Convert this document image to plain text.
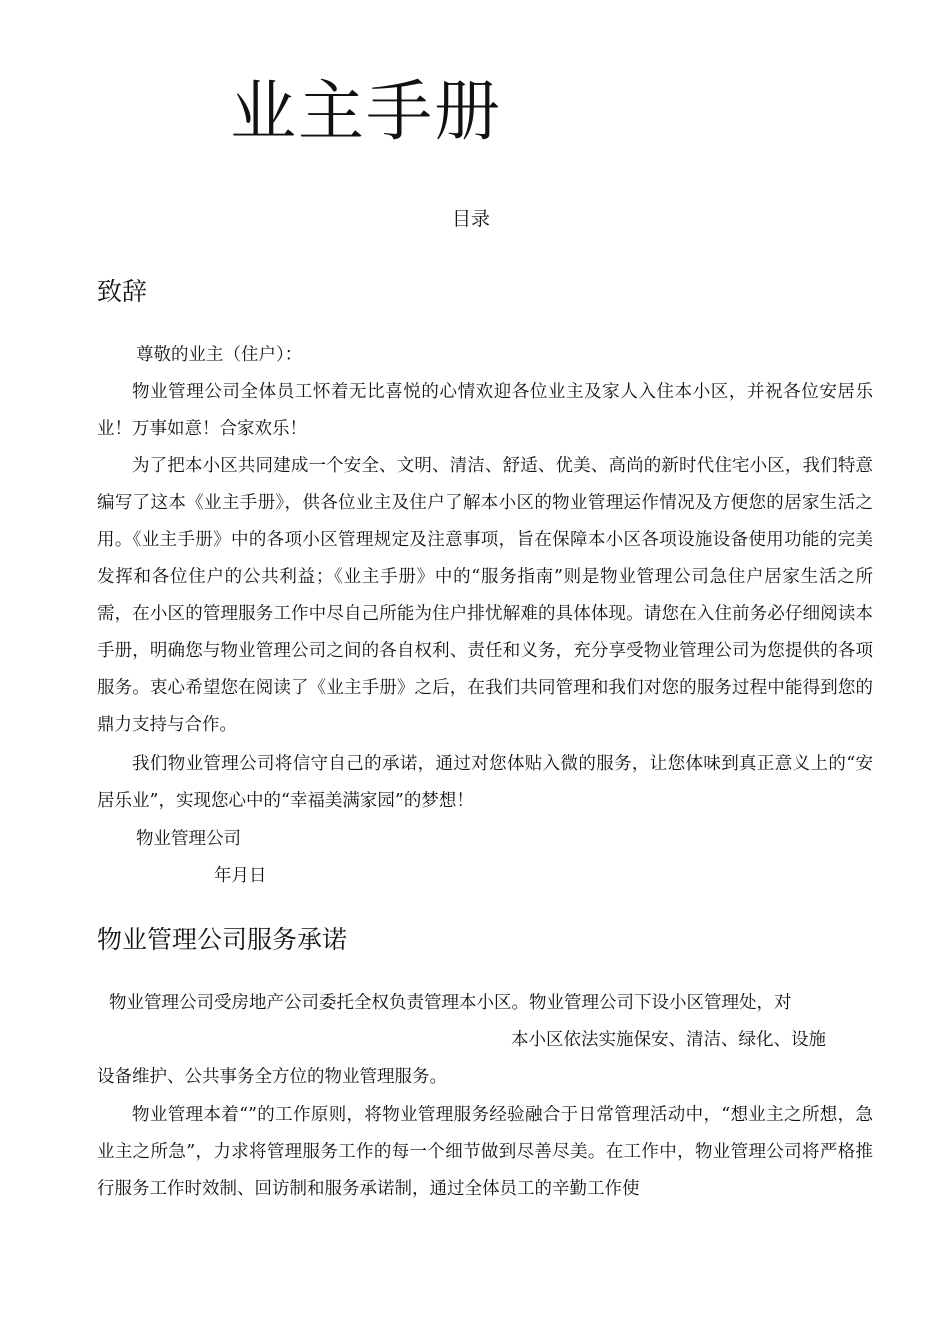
业主手册
目录
致辞
尊敬的业主（住户）：
物业管理公司全体员工怀着无比喜悦的心情欢迎各位业主及家人入住本小区，并祝各位安居乐业！万事如意！合家欢乐！
为了把本小区共同建成一个安全、文明、清洁、舒适、优美、高尚的新时代住宅小区，我们特意编写了这本《业主手册》，供各位业主及住户了解本小区的物业管理运作情况及方便您的居家生活之用。《业主手册》中的各项小区管理规定及注意事项，旨在保障本小区各项设施设备使用功能的完美发挥和各位住户的公共利益；《业主手册》中的“服务指南”则是物业管理公司急住户居家生活之所需，在小区的管理服务工作中尽自己所能为住户排忧解难的具体体现。请您在入住前务必仔细阅读本手册，明确您与物业管理公司之间的各自权利、责任和义务，充分享受物业管理公司为您提供的各项服务。衷心希望您在阅读了《业主手册》之后，在我们共同管理和我们对您的服务过程中能得到您的鼎力支持与合作。
我们物业管理公司将信守自己的承诺，通过对您体贴入微的服务，让您体味到真正意义上的“安居乐业”，实现您心中的“幸福美满家园”的梦想！
物业管理公司
年月日
物业管理公司服务承诺
物业管理公司受房地产公司委托全权负责管理本小区。物业管理公司下设小区管理处，对
本小区依法实施保安、清洁、绿化、设施
设备维护、公共事务全方位的物业管理服务。
物业管理本着“”的工作原则，将物业管理服务经验融合于日常管理活动中，“想业主之所想，急业主之所急”，力求将管理服务工作的每一个细节做到尽善尽美。在工作中，物业管理公司将严格推行服务工作时效制、回访制和服务承诺制，通过全体员工的辛勤工作使
